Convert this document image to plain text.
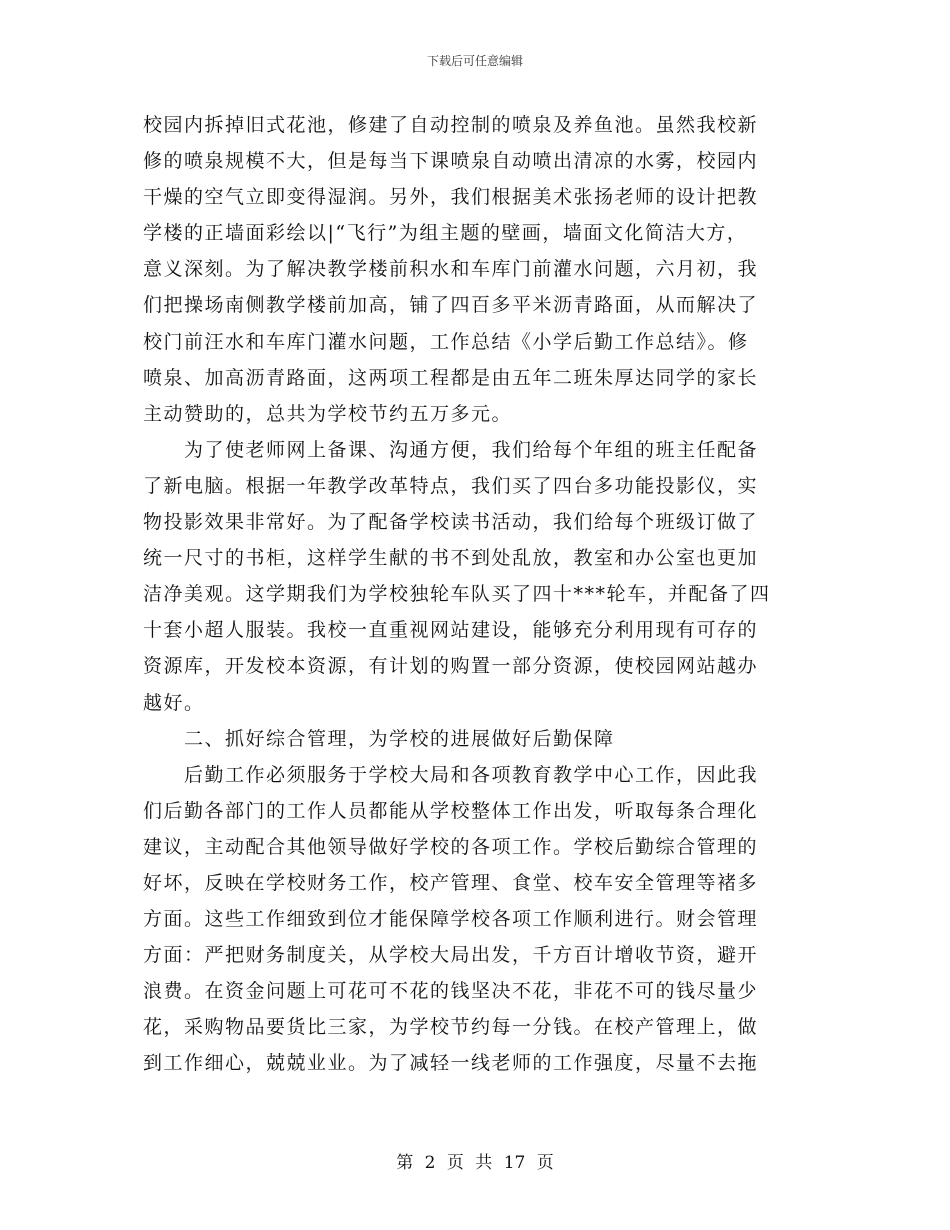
下载后可任意编辑
校园内拆掉旧式花池，修建了自动控制的喷泉及养鱼池。虽然我校新
修的喷泉规模不大，但是每当下课喷泉自动喷出清凉的水雾，校园内
干燥的空气立即变得湿润。另外，我们根据美术张扬老师的设计把教
学楼的正墙面彩绘以|“飞行”为组主题的壁画，墙面文化简洁大方，
意义深刻。为了解决教学楼前积水和车库门前灌水问题，六月初，我
们把操场南侧教学楼前加高，铺了四百多平米沥青路面，从而解决了
校门前汪水和车库门灌水问题，工作总结《小学后勤工作总结》。修
喷泉、加高沥青路面，这两项工程都是由五年二班朱厚达同学的家长
主动赞助的，总共为学校节约五万多元。
　　为了使老师网上备课、沟通方便，我们给每个年组的班主任配备
了新电脑。根据一年教学改革特点，我们买了四台多功能投影仪，实
物投影效果非常好。为了配备学校读书活动，我们给每个班级订做了
统一尺寸的书柜，这样学生献的书不到处乱放，教室和办公室也更加
洁净美观。这学期我们为学校独轮车队买了四十***轮车，并配备了四
十套小超人服装。我校一直重视网站建设，能够充分利用现有可存的
资源库，开发校本资源，有计划的购置一部分资源，使校园网站越办
越好。
　　二、抓好综合管理，为学校的进展做好后勤保障
　　后勤工作必须服务于学校大局和各项教育教学中心工作，因此我
们后勤各部门的工作人员都能从学校整体工作出发，听取每条合理化
建议，主动配合其他领导做好学校的各项工作。学校后勤综合管理的
好坏，反映在学校财务工作，校产管理、食堂、校车安全管理等褚多
方面。这些工作细致到位才能保障学校各项工作顺利进行。财会管理
方面：严把财务制度关，从学校大局出发，千方百计增收节资，避开
浪费。在资金问题上可花可不花的钱坚决不花，非花不可的钱尽量少
花，采购物品要货比三家，为学校节约每一分钱。在校产管理上，做
到工作细心，兢兢业业。为了减轻一线老师的工作强度，尽量不去拖
第 2 页 共 17 页
